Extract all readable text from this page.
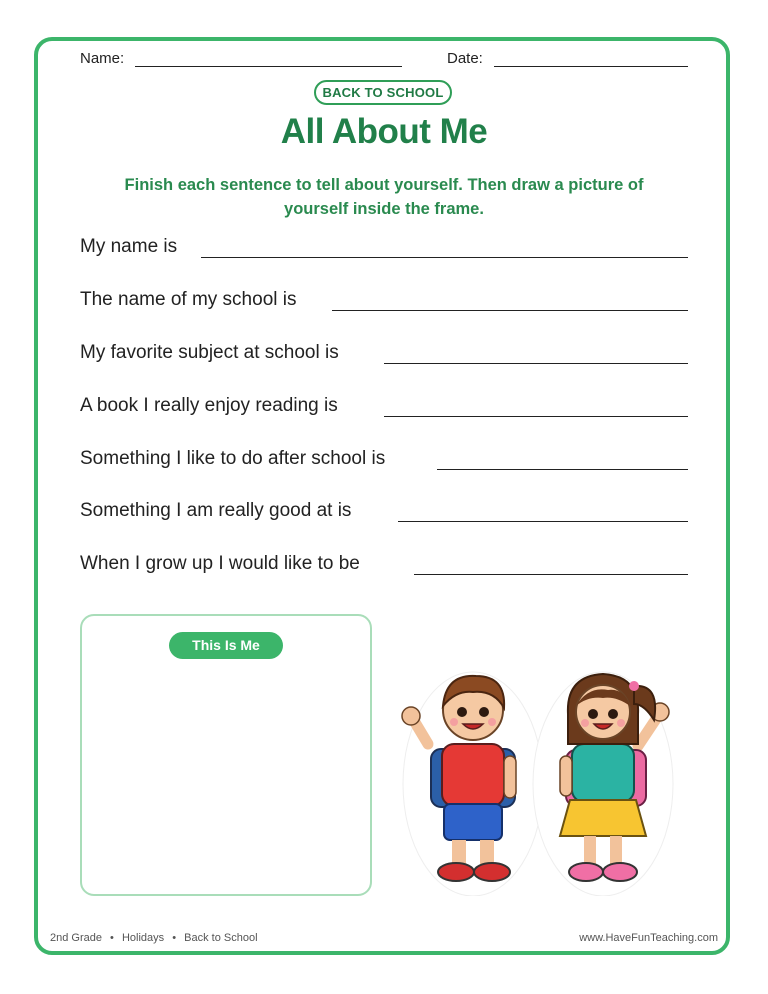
Name:	Date:
BACK TO SCHOOL
All About Me
Finish each sentence to tell about yourself. Then draw a picture of yourself inside the frame.
My name is
The name of my school is
My favorite subject at school is
A book I really enjoy reading is
Something I like to do after school is
Something I am really good at is
When I grow up I would like to be
This Is Me
2nd Grade • Holidays • Back to School	www.HaveFunTeaching.com
